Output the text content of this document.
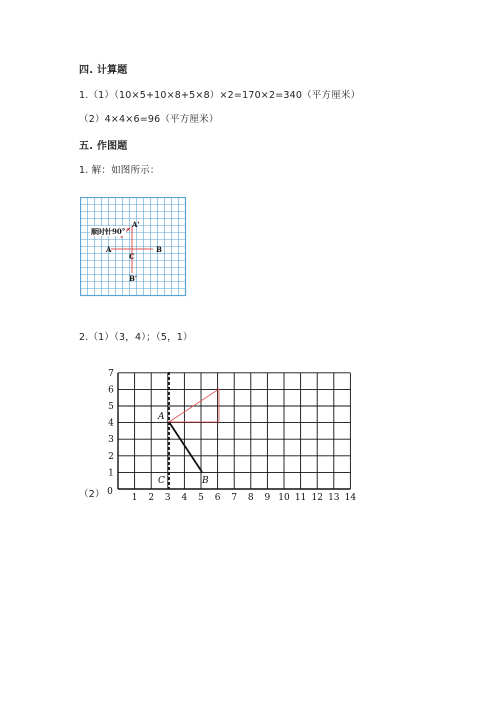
四. 计算题
1.（1）（10×5+10×8+5×8）×2=170×2=340（平方厘米）
（2）4×4×6=96（平方厘米）
五. 作图题
1. 解：如图所示：
顺时针90°
A'
A
C
B
B'
2.（1）（3，4）；（5，1）
（2）	1 2 3 4 5 6 7 8 9 10 11 12 13 14
1
2
3
4
5
6
7
0
A
B
C
